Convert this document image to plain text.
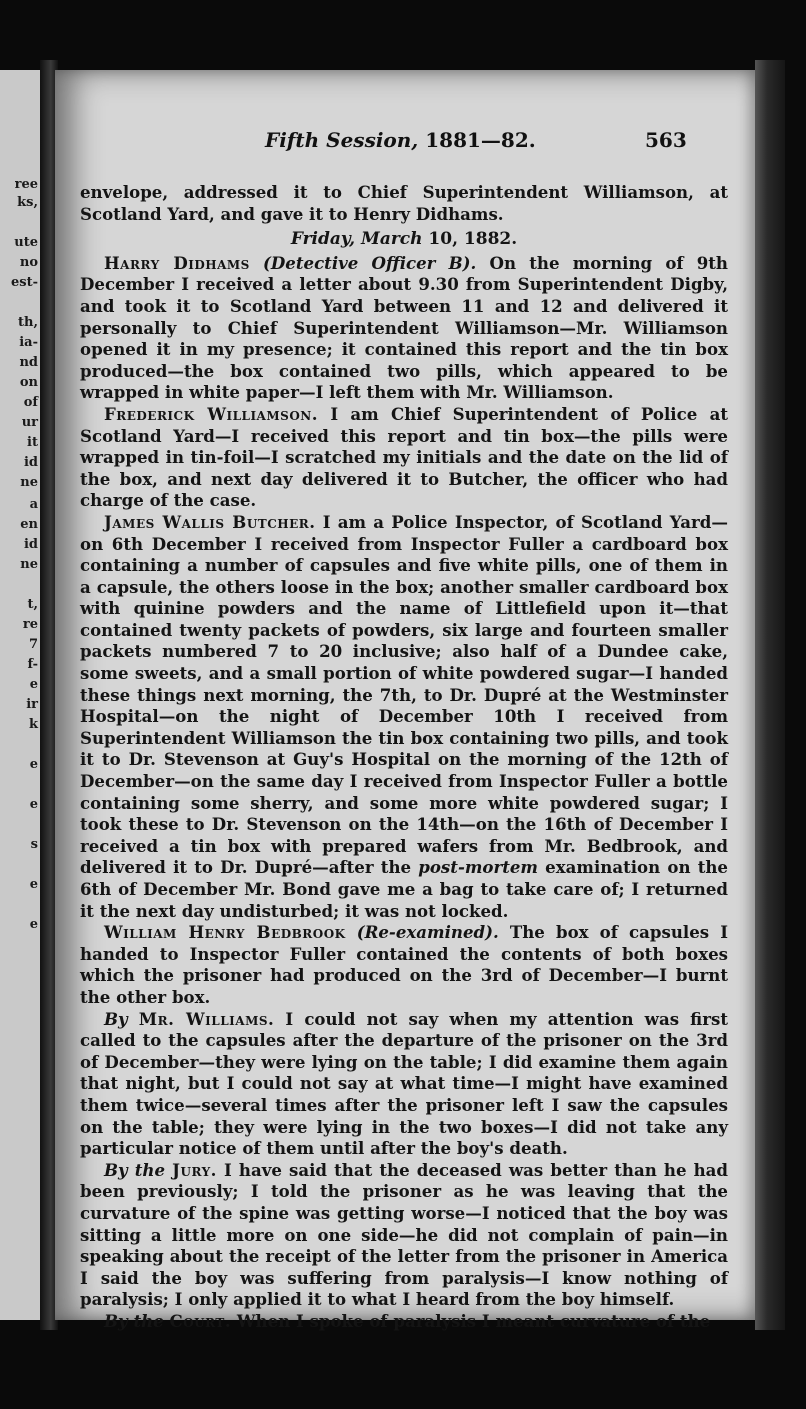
ree
ks,
ute
no
est-
th,
ia-
nd
on
of
ur
it
id
ne
a
en
id
ne
t,
re
7
f-
e
ir
k
e
e
s
e
e
Fifth Session, 1881—82.	563

envelope, addressed it to Chief Superintendent Williamson, at Scotland Yard, and gave it to Henry Didhams.

Friday, March 10, 1882.

Harry Didhams (Detective Officer B). On the morning of 9th December I received a letter about 9.30 from Superintendent Digby, and took it to Scotland Yard between 11 and 12 and delivered it personally to Chief Superintendent Williamson—Mr. Williamson opened it in my presence; it contained this report and the tin box produced—the box contained two pills, which appeared to be wrapped in white paper—I left them with Mr. Williamson.

Frederick Williamson. I am Chief Superintendent of Police at Scotland Yard—I received this report and tin box—the pills were wrapped in tin-foil—I scratched my initials and the date on the lid of the box, and next day delivered it to Butcher, the officer who had charge of the case.

James Wallis Butcher. I am a Police Inspector, of Scotland Yard—on 6th December I received from Inspector Fuller a cardboard box containing a number of capsules and five white pills, one of them in a capsule, the others loose in the box; another smaller cardboard box with quinine powders and the name of Littlefield upon it—that contained twenty packets of powders, six large and fourteen smaller packets numbered 7 to 20 inclusive; also half of a Dundee cake, some sweets, and a small portion of white powdered sugar—I handed these things next morning, the 7th, to Dr. Dupré at the Westminster Hospital—on the night of December 10th I received from Superintendent Williamson the tin box containing two pills, and took it to Dr. Stevenson at Guy's Hospital on the morning of the 12th of December—on the same day I received from Inspector Fuller a bottle containing some sherry, and some more white powdered sugar; I took these to Dr. Stevenson on the 14th—on the 16th of December I received a tin box with prepared wafers from Mr. Bedbrook, and delivered it to Dr. Dupré—after the post-mortem examination on the 6th of December Mr. Bond gave me a bag to take care of; I returned it the next day undisturbed; it was not locked.

William Henry Bedbrook (Re-examined). The box of capsules I handed to Inspector Fuller contained the contents of both boxes which the prisoner had produced on the 3rd of December—I burnt the other box.

By Mr. Williams. I could not say when my attention was first called to the capsules after the departure of the prisoner on the 3rd of December—they were lying on the table; I did examine them again that night, but I could not say at what time—I might have examined them twice—several times after the prisoner left I saw the capsules on the table; they were lying in the two boxes—I did not take any particular notice of them until after the boy's death.

By the Jury. I have said that the deceased was better than he had been previously; I told the prisoner as he was leaving that the curvature of the spine was getting worse—I noticed that the boy was sitting a little more on one side—he did not complain of pain—in speaking about the receipt of the letter from the prisoner in America I said the boy was suffering from paralysis—I know nothing of paralysis; I only applied it to what I heard from the boy himself.

By the Court. When I spoke of paralysis I meant curvature of the
